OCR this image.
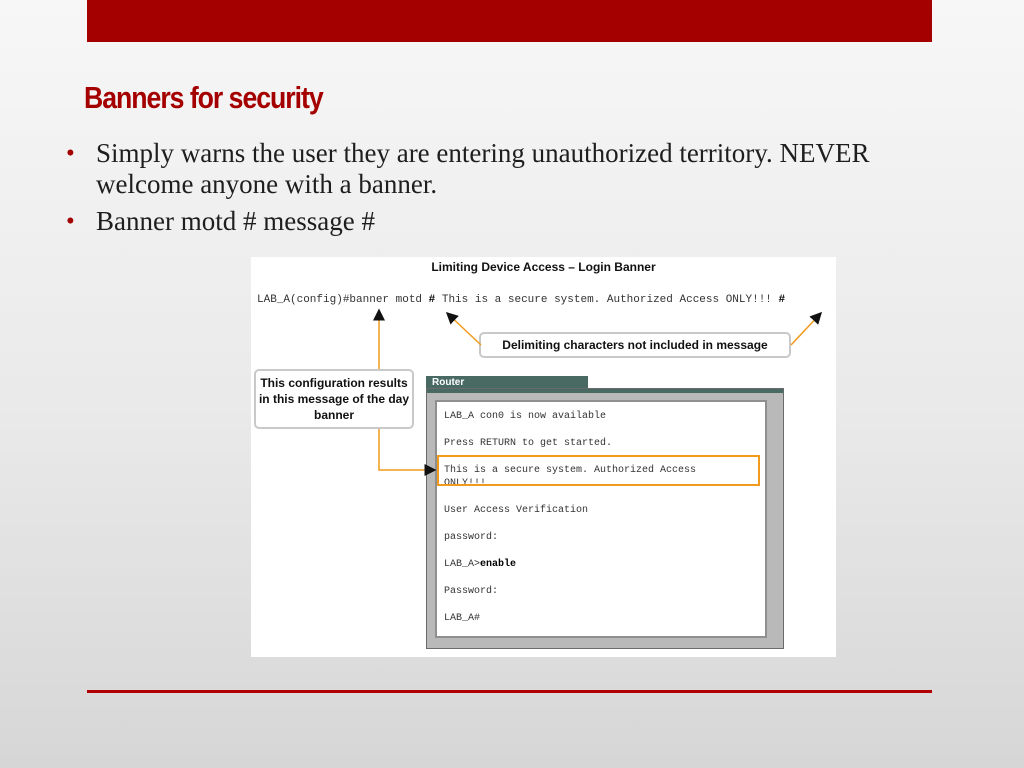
Banners for security
• Simply warns the user they are entering unauthorized territory. NEVER welcome anyone with a banner.
• Banner motd # message #
Limiting Device Access – Login Banner
LAB_A(config)#banner motd # This is a secure system. Authorized Access ONLY!!! #
Delimiting characters not included in message
This configuration results in this message of the day banner
Router
LAB_A con0 is now available
Press RETURN to get started.
This is a secure system. Authorized Access
ONLY!!!
User Access Verification
password:
LAB_A>enable
Password:
LAB_A#
